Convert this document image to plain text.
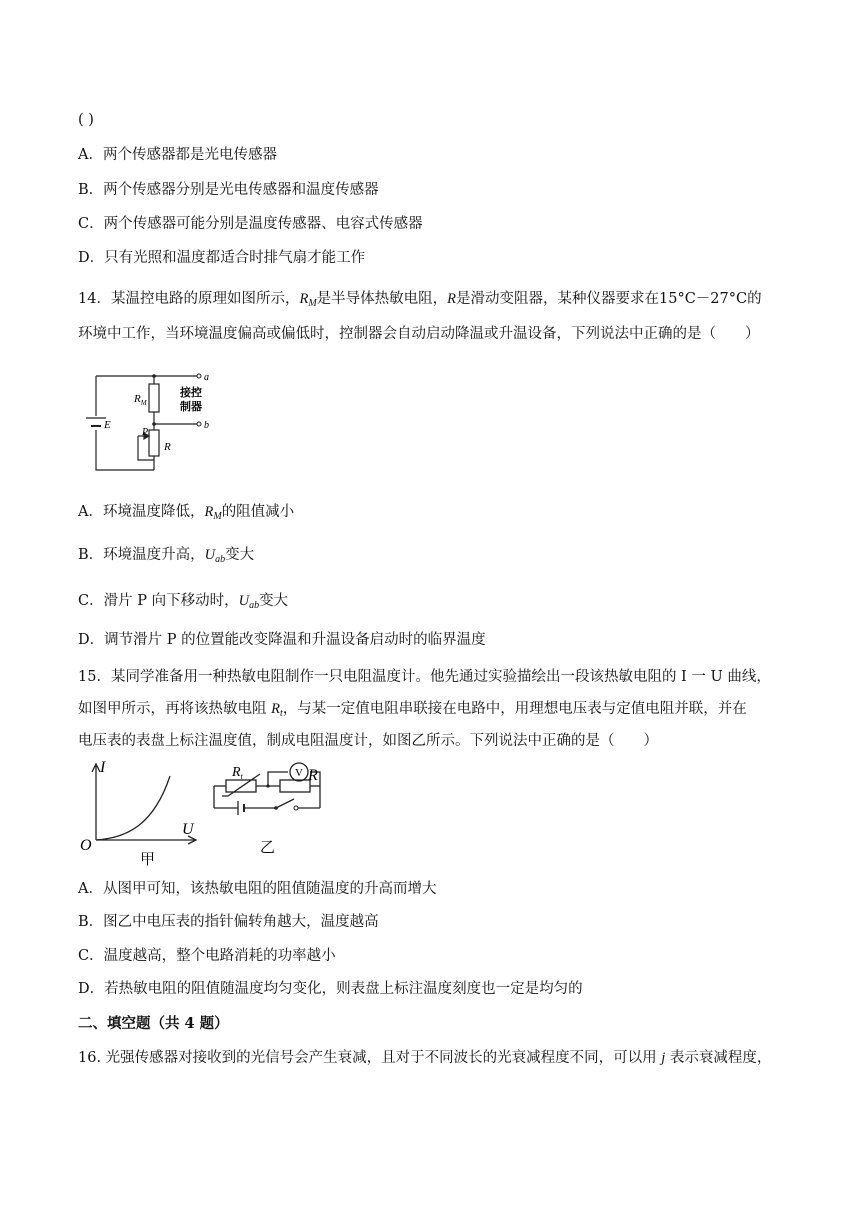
( )
A．两个传感器都是光电传感器
B．两个传感器分别是光电传感器和温度传感器
C．两个传感器可能分别是温度传感器、电容式传感器
D．只有光照和温度都适合时排气扇才能工作
14．某温控电路的原理如图所示，$R_M$是半导体热敏电阻，R是滑动变阻器，某种仪器要求在15°C－27°C的
环境中工作，当环境温度偏高或偏低时，控制器会自动启动降温或升温设备，下列说法中正确的是（　　）
$R_M$
E
P
R
a
b
接控
制器
A．环境温度降低，$R_M$的阻值减小
B．环境温度升高，$U_{ab}$变大
C．滑片 P 向下移动时，$U_{ab}$变大
D．调节滑片 P 的位置能改变降温和升温设备启动时的临界温度
15．某同学准备用一种热敏电阻制作一只电阻温度计。他先通过实验描绘出一段该热敏电阻的 I 一 U 曲线，
如图甲所示，再将该热敏电阻 $R_t$，与某一定值电阻串联接在电路中，用理想电压表与定值电阻并联，并在
电压表的表盘上标注温度值，制成电阻温度计，如图乙所示。下列说法中正确的是（　　）
I
U
O
甲
V
$R_t$	R
乙
A．从图甲可知，该热敏电阻的阻值随温度的升高而增大
B．图乙中电压表的指针偏转角越大，温度越高
C．温度越高，整个电路消耗的功率越小
D．若热敏电阻的阻值随温度均匀变化，则表盘上标注温度刻度也一定是均匀的
二、填空题（共 4 题）
16. 光强传感器对接收到的光信号会产生衰减，且对于不同波长的光衰减程度不同，可以用 j 表示衰减程度，
